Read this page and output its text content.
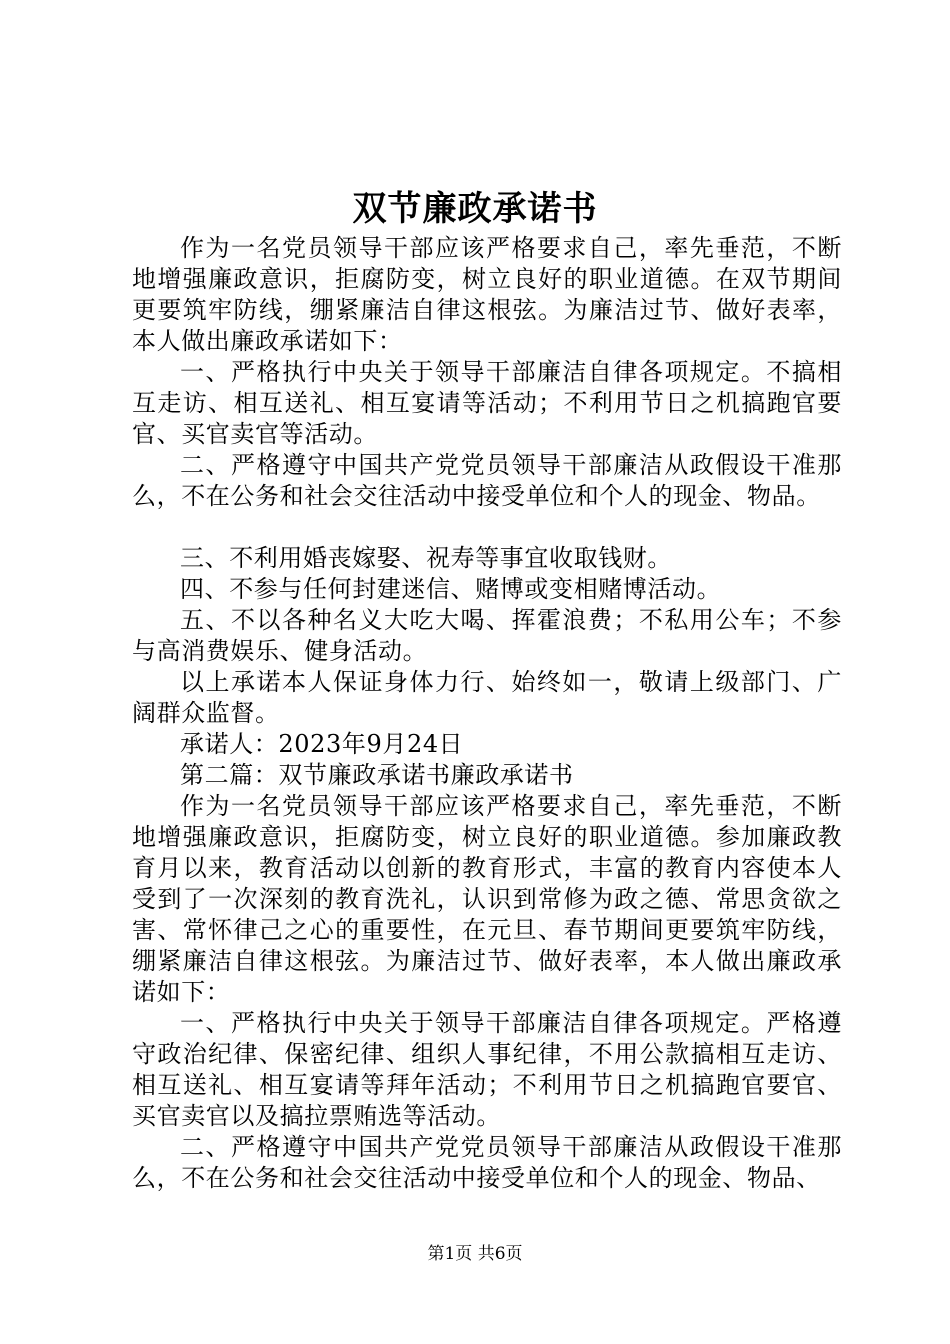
双节廉政承诺书

作为一名党员领导干部应该严格要求自己，率先垂范，不断地增强廉政意识，拒腐防变，树立良好的职业道德。在双节期间更要筑牢防线，绷紧廉洁自律这根弦。为廉洁过节、做好表率，本人做出廉政承诺如下：

一、严格执行中央关于领导干部廉洁自律各项规定。不搞相互走访、相互送礼、相互宴请等活动；不利用节日之机搞跑官要官、买官卖官等活动。

二、严格遵守中国共产党党员领导干部廉洁从政假设干准那么，不在公务和社会交往活动中接受单位和个人的现金、物品。

三、不利用婚丧嫁娶、祝寿等事宜收取钱财。

四、不参与任何封建迷信、赌博或变相赌博活动。

五、不以各种名义大吃大喝、挥霍浪费；不私用公车；不参与高消费娱乐、健身活动。

以上承诺本人保证身体力行、始终如一，敬请上级部门、广阔群众监督。

承诺人：2023年9月24日

第二篇：双节廉政承诺书廉政承诺书

作为一名党员领导干部应该严格要求自己，率先垂范，不断地增强廉政意识，拒腐防变，树立良好的职业道德。参加廉政教育月以来，教育活动以创新的教育形式，丰富的教育内容使本人受到了一次深刻的教育洗礼，认识到常修为政之德、常思贪欲之害、常怀律己之心的重要性，在元旦、春节期间更要筑牢防线，绷紧廉洁自律这根弦。为廉洁过节、做好表率，本人做出廉政承诺如下：

一、严格执行中央关于领导干部廉洁自律各项规定。严格遵守政治纪律、保密纪律、组织人事纪律，不用公款搞相互走访、相互送礼、相互宴请等拜年活动；不利用节日之机搞跑官要官、买官卖官以及搞拉票贿选等活动。

二、严格遵守中国共产党党员领导干部廉洁从政假设干准那么，不在公务和社会交往活动中接受单位和个人的现金、物品、

第1页 共6页
